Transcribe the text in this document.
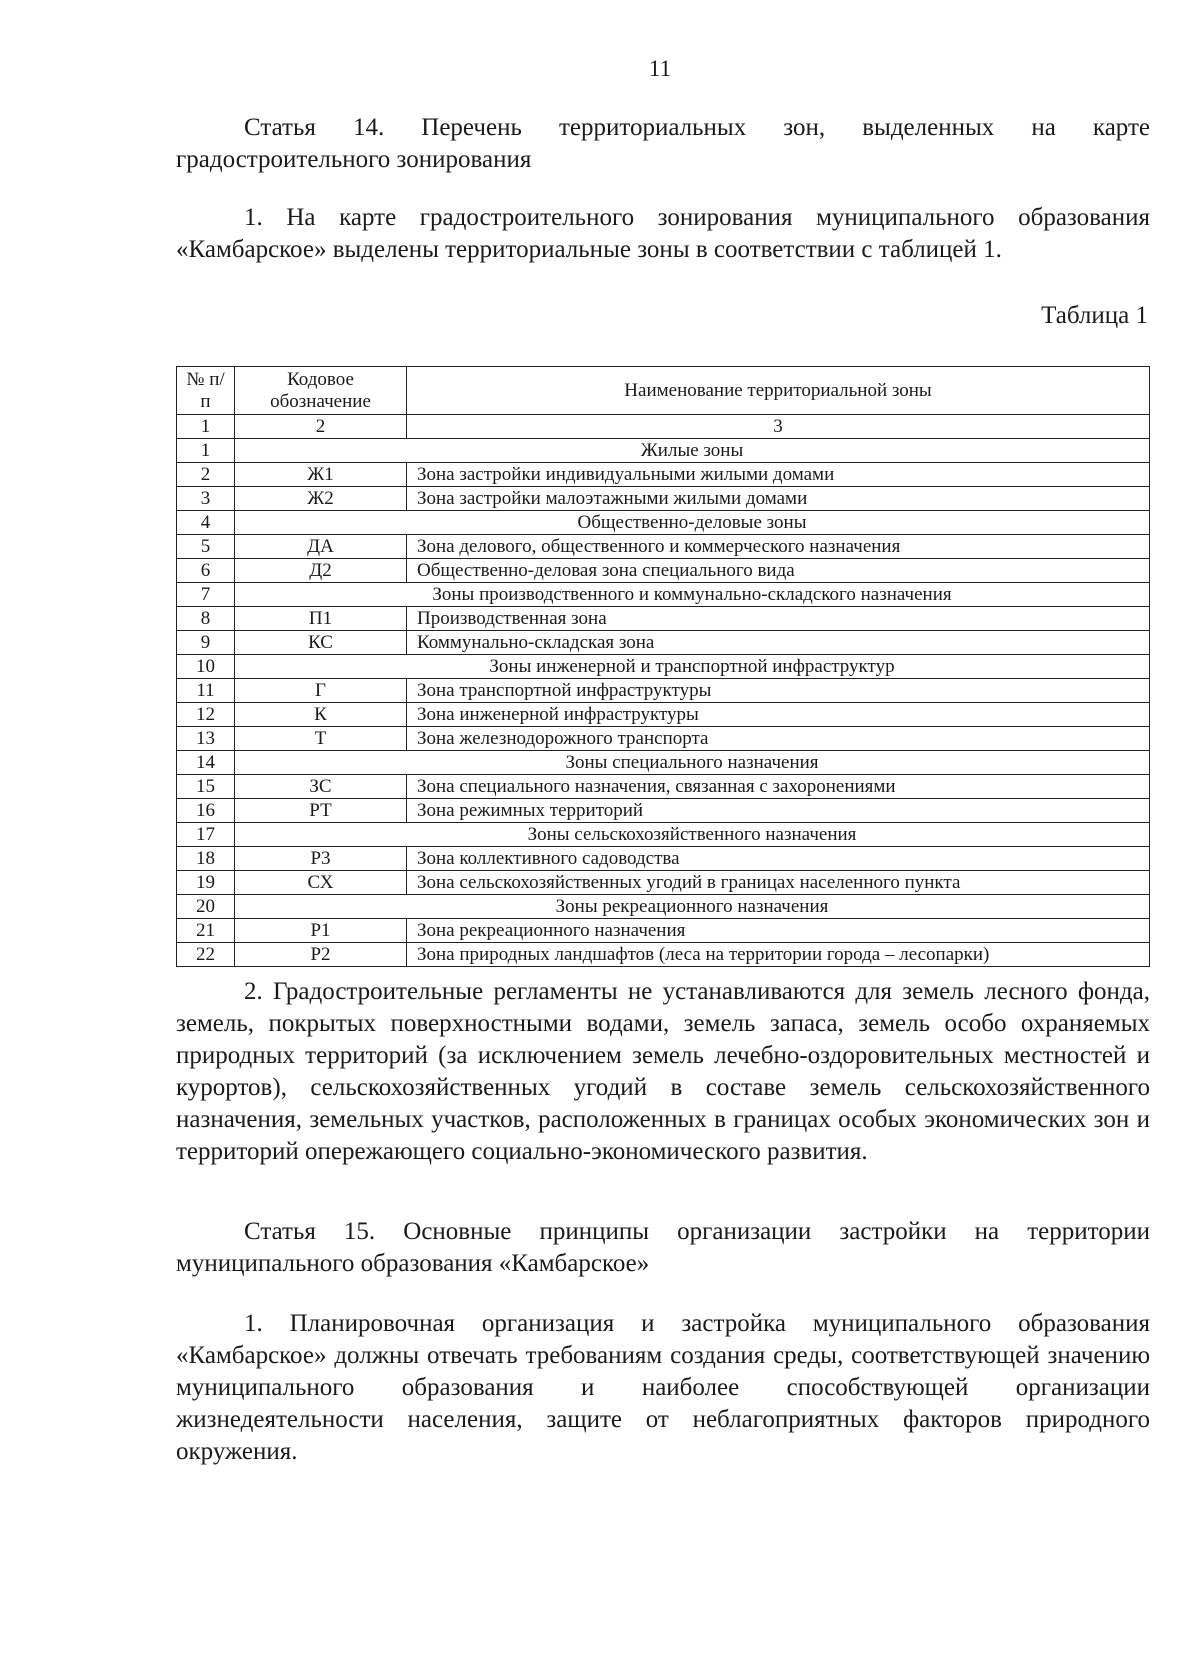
11

Статья 14. Перечень территориальных зон, выделенных на карте градостроительного зонирования

1. На карте градостроительного зонирования муниципального образования «Камбарское» выделены территориальные зоны в соответствии с таблицей 1.

Таблица 1
№ п/п	Кодовое обозначение	Наименование территориальной зоны
1	2	3
1	Жилые зоны	
2	Ж1	Зона застройки индивидуальными жилыми домами
3	Ж2	Зона застройки малоэтажными жилыми домами
4	Общественно-деловые зоны	
5	ДА	Зона делового, общественного и коммерческого назначения
6	Д2	Общественно-деловая зона специального вида
7	Зоны производственного и коммунально-складского назначения	
8	П1	Производственная зона
9	КС	Коммунально-складская зона
10	Зоны инженерной и транспортной инфраструктур	
11	Г	Зона транспортной инфраструктуры
12	К	Зона инженерной инфраструктуры
13	Т	Зона железнодорожного транспорта
14	Зоны специального назначения	
15	ЗС	Зона специального назначения, связанная с захоронениями
16	РТ	Зона режимных территорий
17	Зоны сельскохозяйственного назначения	
18	Р3	Зона коллективного садоводства
19	СХ	Зона сельскохозяйственных угодий в границах населенного пункта
20	Зоны рекреационного назначения	
21	Р1	Зона рекреационного назначения
22	Р2	Зона природных ландшафтов (леса на территории города – лесопарки)

2. Градостроительные регламенты не устанавливаются для земель лесного фонда, земель, покрытых поверхностными водами, земель запаса, земель особо охраняемых природных территорий (за исключением земель лечебно-оздоровительных местностей и курортов), сельскохозяйственных угодий в составе земель сельскохозяйственного назначения, земельных участков, расположенных в границах особых экономических зон и территорий опережающего социально-экономического развития.

Статья 15. Основные принципы организации застройки на территории муниципального образования «Камбарское»

1. Планировочная организация и застройка муниципального образования «Камбарское» должны отвечать требованиям создания среды, соответствующей значению муниципального образования и наиболее способствующей организации жизнедеятельности населения, защите от неблагоприятных факторов природного окружения.
